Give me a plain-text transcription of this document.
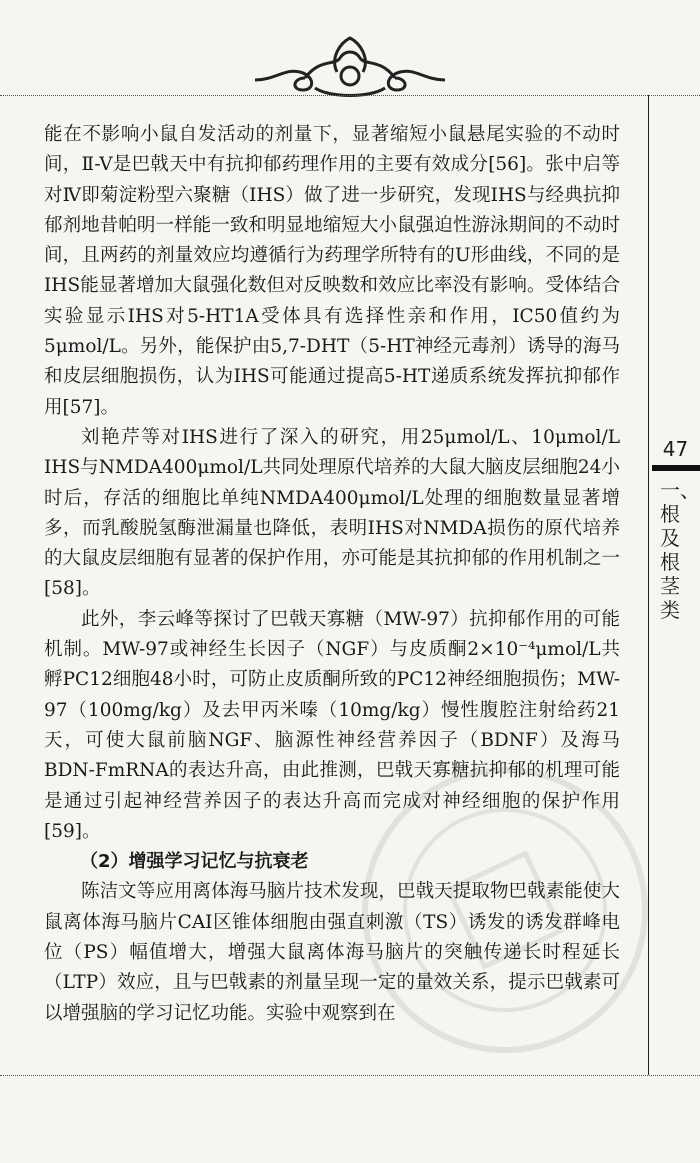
47
一、根及根茎类

能在不影响小鼠自发活动的剂量下，显著缩短小鼠悬尾实验的不动时间，Ⅱ-V是巴戟天中有抗抑郁药理作用的主要有效成分[56]。张中启等对Ⅳ即菊淀粉型六聚糖（IHS）做了进一步研究，发现IHS与经典抗抑郁剂地昔帕明一样能一致和明显地缩短大小鼠强迫性游泳期间的不动时间，且两药的剂量效应均遵循行为药理学所特有的U形曲线，不同的是IHS能显著增加大鼠强化数但对反映数和效应比率没有影响。受体结合实验显示IHS对5-HT1A受体具有选择性亲和作用，IC50值约为5μmol/L。另外，能保护由5,7-DHT（5-HT神经元毒剂）诱导的海马和皮层细胞损伤，认为IHS可能通过提高5-HT递质系统发挥抗抑郁作用[57]。

刘艳芹等对IHS进行了深入的研究，用25μmol/L、10μmol/L IHS与NMDA400μmol/L共同处理原代培养的大鼠大脑皮层细胞24小时后，存活的细胞比单纯NMDA400μmol/L处理的细胞数量显著增多，而乳酸脱氢酶泄漏量也降低，表明IHS对NMDA损伤的原代培养的大鼠皮层细胞有显著的保护作用，亦可能是其抗抑郁的作用机制之一[58]。

此外，李云峰等探讨了巴戟天寡糖（MW-97）抗抑郁作用的可能机制。MW-97或神经生长因子（NGF）与皮质酮2×10⁻⁴μmol/L共孵PC12细胞48小时，可防止皮质酮所致的PC12神经细胞损伤；MW-97（100mg/kg）及去甲丙米嗪（10mg/kg）慢性腹腔注射给药21天，可使大鼠前脑NGF、脑源性神经营养因子（BDNF）及海马BDN-FmRNA的表达升高，由此推测，巴戟天寡糖抗抑郁的机理可能是通过引起神经营养因子的表达升高而完成对神经细胞的保护作用[59]。

（2）增强学习记忆与抗衰老

陈洁文等应用离体海马脑片技术发现，巴戟天提取物巴戟素能使大鼠离体海马脑片CAI区锥体细胞由强直刺激（TS）诱发的诱发群峰电位（PS）幅值增大，增强大鼠离体海马脑片的突触传递长时程延长（LTP）效应，且与巴戟素的剂量呈现一定的量效关系，提示巴戟素可以增强脑的学习记忆功能。实验中观察到在
